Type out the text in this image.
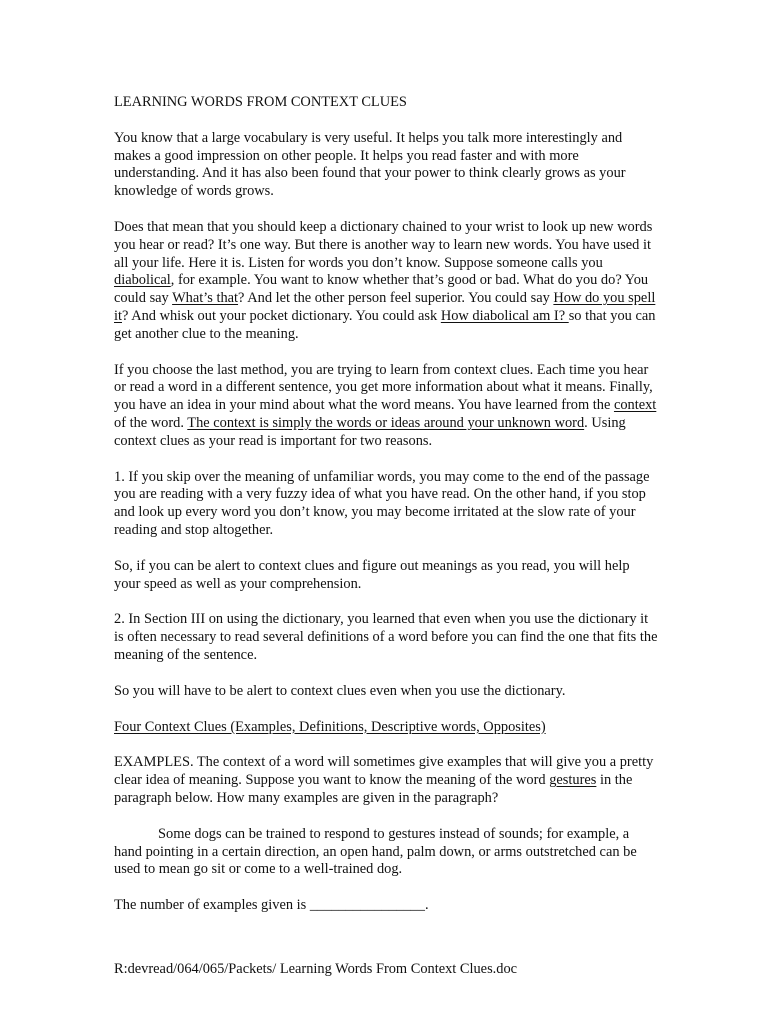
LEARNING WORDS FROM CONTEXT CLUES

You know that a large vocabulary is very useful. It helps you talk more interestingly and makes a good impression on other people. It helps you read faster and with more understanding. And it has also been found that your power to think clearly grows as your knowledge of words grows.

Does that mean that you should keep a dictionary chained to your wrist to look up new words you hear or read? It’s one way. But there is another way to learn new words. You have used it all your life. Here it is. Listen for words you don’t know. Suppose someone calls you diabolical, for example. You want to know whether that’s good or bad. What do you do? You could say What’s that? And let the other person feel superior. You could say How do you spell it? And whisk out your pocket dictionary. You could ask How diabolical am I? so that you can get another clue to the meaning.

If you choose the last method, you are trying to learn from context clues. Each time you hear or read a word in a different sentence, you get more information about what it means. Finally, you have an idea in your mind about what the word means. You have learned from the context of the word. The context is simply the words or ideas around your unknown word. Using context clues as your read is important for two reasons.

1. If you skip over the meaning of unfamiliar words, you may come to the end of the passage you are reading with a very fuzzy idea of what you have read. On the other hand, if you stop and look up every word you don’t know, you may become irritated at the slow rate of your reading and stop altogether.

So, if you can be alert to context clues and figure out meanings as you read, you will help your speed as well as your comprehension.

2. In Section III on using the dictionary, you learned that even when you use the dictionary it is often necessary to read several definitions of a word before you can find the one that fits the meaning of the sentence.

So you will have to be alert to context clues even when you use the dictionary.

Four Context Clues (Examples, Definitions, Descriptive words, Opposites)

EXAMPLES. The context of a word will sometimes give examples that will give you a pretty clear idea of meaning. Suppose you want to know the meaning of the word gestures in the paragraph below. How many examples are given in the paragraph?

Some dogs can be trained to respond to gestures instead of sounds; for example, a hand pointing in a certain direction, an open hand, palm down, or arms outstretched can be used to mean go sit or come to a well-trained dog.

The number of examples given is ________________.

R:devread/064/065/Packets/ Learning Words From Context Clues.doc
